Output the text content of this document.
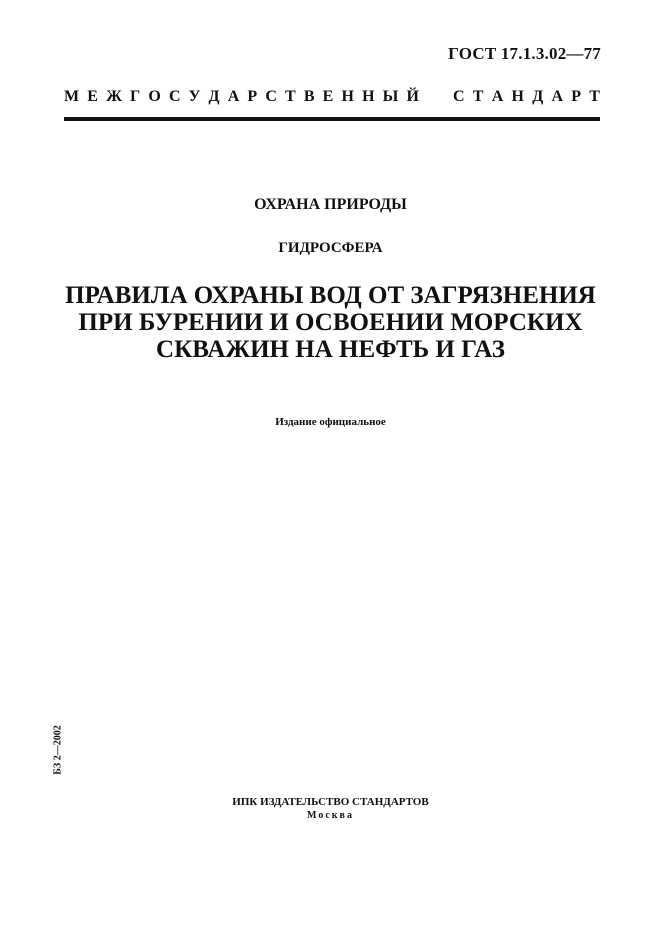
ГОСТ 17.1.3.02—77
М Е Ж Г О С У Д А Р С Т В Е Н Н Ы Й С Т А Н Д А Р Т
ОХРАНА ПРИРОДЫ
ГИДРОСФЕРА
ПРАВИЛА ОХРАНЫ ВОД ОТ ЗАГРЯЗНЕНИЯ
ПРИ БУРЕНИИ И ОСВОЕНИИ МОРСКИХ
СКВАЖИН НА НЕФТЬ И ГАЗ
Издание официальное
БЗ 2—2002
ИПК ИЗДАТЕЛЬСТВО СТАНДАРТОВ
Москва
